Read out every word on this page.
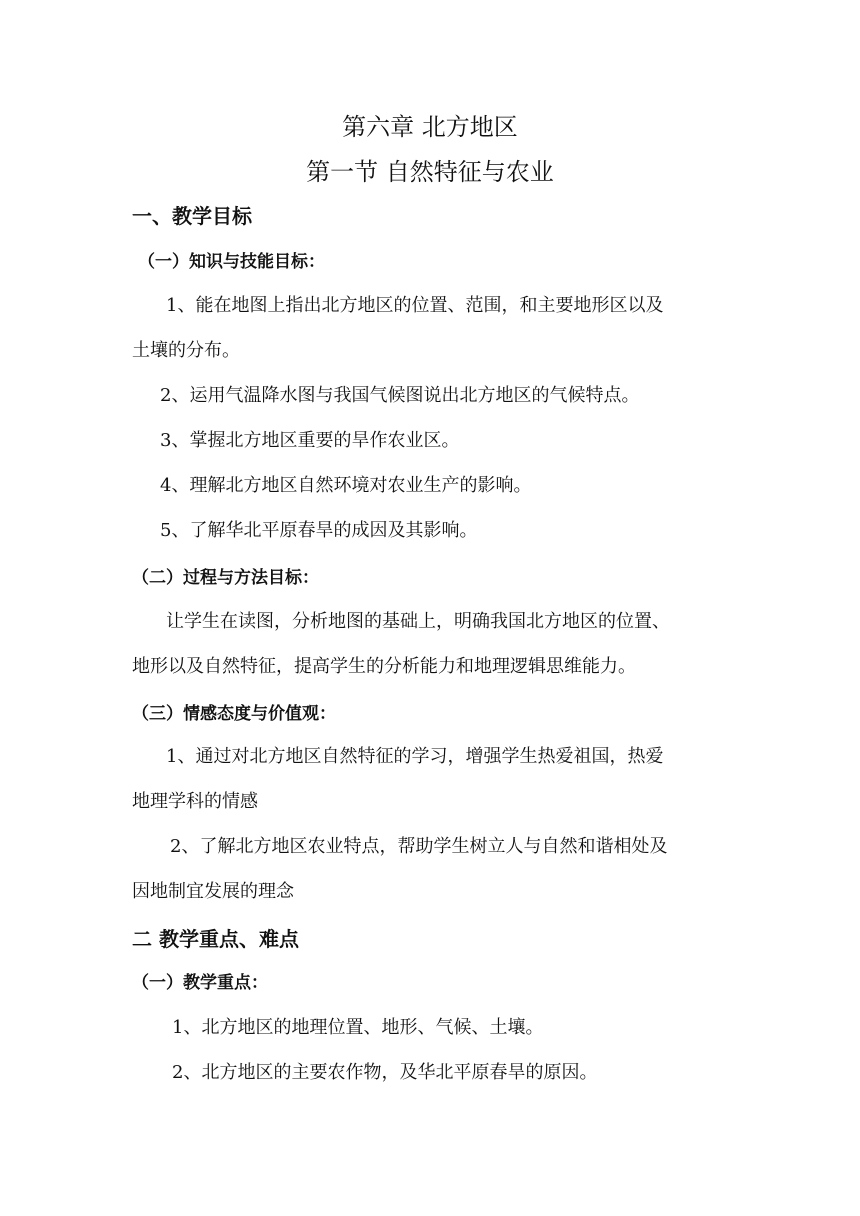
第六章 北方地区
第一节 自然特征与农业
一、教学目标
（一）知识与技能目标：
1、能在地图上指出北方地区的位置、范围，和主要地形区以及
土壤的分布。
2、运用气温降水图与我国气候图说出北方地区的气候特点。
3、掌握北方地区重要的旱作农业区。
4、理解北方地区自然环境对农业生产的影响。
5、了解华北平原春旱的成因及其影响。
（二）过程与方法目标：
让学生在读图，分析地图的基础上，明确我国北方地区的位置、
地形以及自然特征，提高学生的分析能力和地理逻辑思维能力。
（三）情感态度与价值观：
1、通过对北方地区自然特征的学习，增强学生热爱祖国，热爱
地理学科的情感
2、了解北方地区农业特点，帮助学生树立人与自然和谐相处及
因地制宜发展的理念
二 教学重点、难点
（一）教学重点：
1、北方地区的地理位置、地形、气候、土壤。
2、北方地区的主要农作物，及华北平原春旱的原因。
